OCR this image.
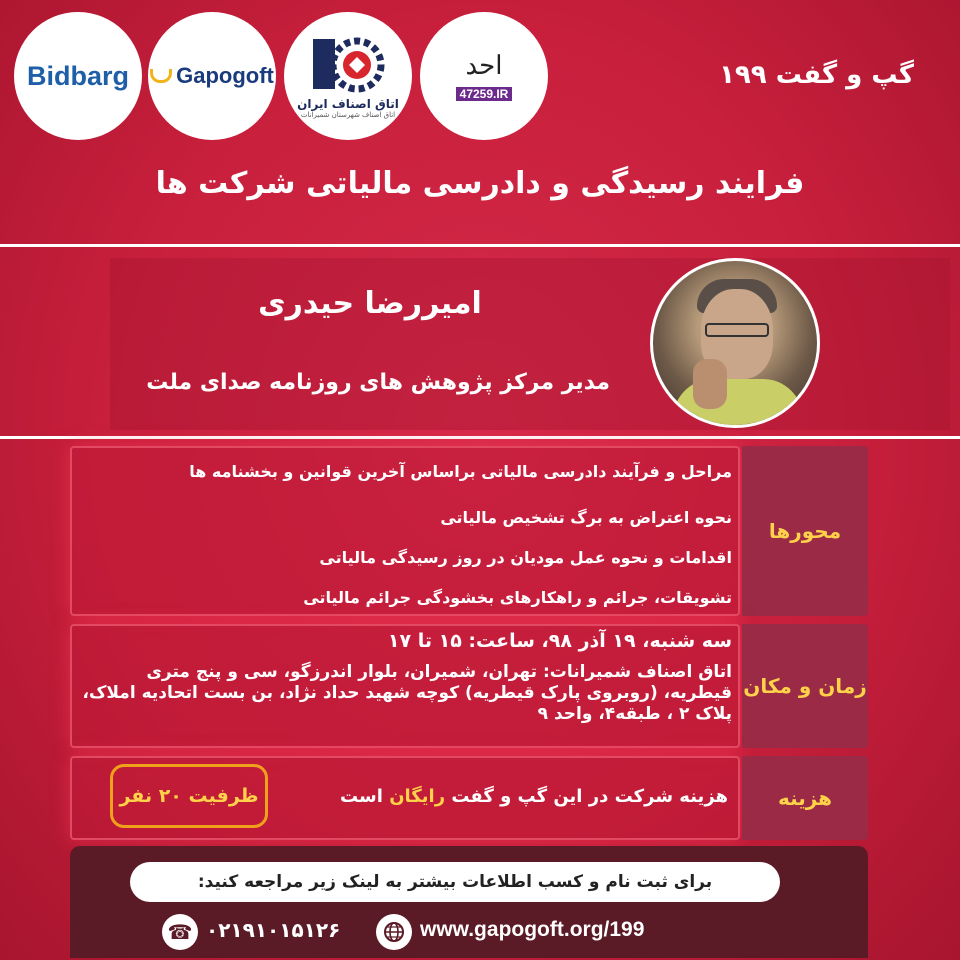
Bidbarg Gapogoft
اتاق اصناف ایران
اتاق اصناف شهرستان شمیرانات
احد
47259.IR
گپ و گفت ۱۹۹
فرایند رسیدگی و دادرسی مالیاتی شرکت ها
امیررضا حیدری
مدیر مرکز پژوهش های روزنامه صدای ملت
محورها
مراحل و فرآیند دادرسی مالیاتی براساس آخرین قوانین و بخشنامه ها
نحوه اعتراض به برگ تشخیص مالیاتی
اقدامات و نحوه عمل مودیان در روز رسیدگی مالیاتی
تشویقات، جرائم و راهکارهای بخشودگی جرائم مالیاتی
زمان و مکان
سه شنبه، ۱۹ آذر ۹۸، ساعت: ۱۵ تا ۱۷
اتاق اصناف شمیرانات: تهران، شمیران، بلوار اندرزگو، سی و پنج متری قیطریه، (روبروی پارک قیطریه) کوچه شهید حداد نژاد، بن بست اتحادیه املاک، پلاک ۲ ، طبقه۴، واحد ۹
هزینه
هزینه شرکت در این گپ و گفت رایگان است
ظرفیت ۲۰ نفر
برای ثبت نام و کسب اطلاعات بیشتر به لینک زیر مراجعه کنید:
☎ ۰۲۱۹۱۰۱۵۱۲۶	www.gapogoft.org/199
